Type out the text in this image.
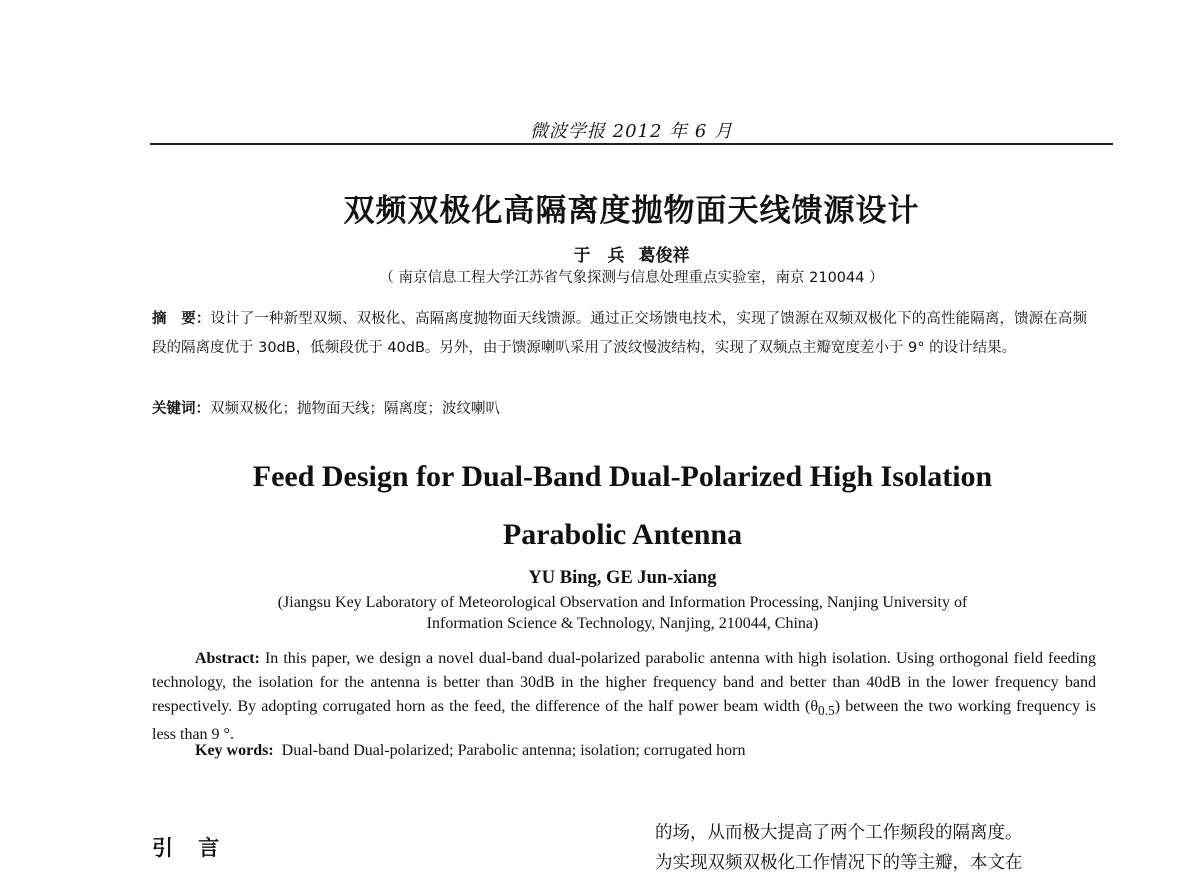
微波学报 2012 年 6 月
双频双极化高隔离度抛物面天线馈源设计
于　兵 葛俊祥
（ 南京信息工程大学江苏省气象探测与信息处理重点实验室，南京 210044 ）
摘　要：设计了一种新型双频、双极化、高隔离度抛物面天线馈源。通过正交场馈电技术，实现了馈源在双频双极化下的高性能隔离，馈源在高频段的隔离度优于 30dB，低频段优于 40dB。另外，由于馈源喇叭采用了波纹慢波结构，实现了双频点主瓣宽度差小于 9° 的设计结果。
关键词：双频双极化；抛物面天线；隔离度；波纹喇叭
Feed Design for Dual-Band Dual-Polarized High Isolation
Parabolic Antenna
YU Bing, GE Jun-xiang
(Jiangsu Key Laboratory of Meteorological Observation and Information Processing, Nanjing University of
Information Science & Technology, Nanjing, 210044, China)

Abstract: In this paper, we design a novel dual-band dual-polarized parabolic antenna with high isolation. Using orthogonal field feeding technology, the isolation for the antenna is better than 30dB in the higher frequency band and better than 40dB in the lower frequency band respectively. By adopting corrugated horn as the feed, the difference of the half power beam width $(\theta_{0.5})$ between the two working frequency is less than 9 °.

Key words:  Dual-band Dual-polarized; Parabolic antenna; isolation; corrugated horn
引 言
的场，从而极大提高了两个工作频段的隔离度。
为实现双频双极化工作情况下的等主瓣，本文在
